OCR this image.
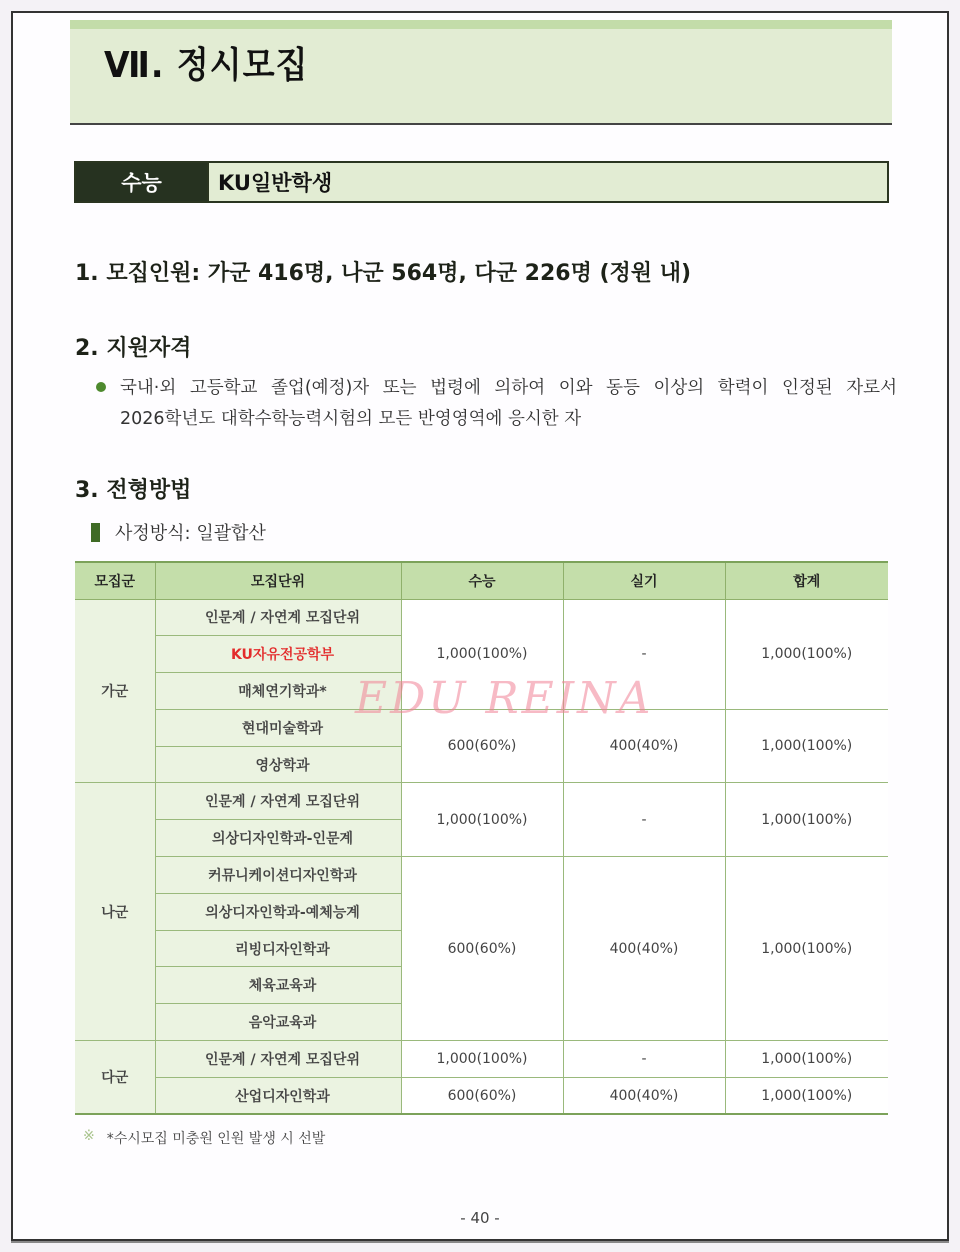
Ⅶ. 정시모집
수능	KU일반학생
1. 모집인원: 가군 416명, 나군 564명, 다군 226명 (정원 내)
2. 지원자격
국내·외 고등학교 졸업(예정)자 또는 법령에 의하여 이와 동등 이상의 학력이 인정된 자로서
2026학년도 대학수학능력시험의 모든 반영영역에 응시한 자
3. 전형방법
사정방식: 일괄합산
모집군	모집단위	수능	실기	합계
가군	인문계 / 자연계 모집단위	1,000(100%)	-	1,000(100%)
	KU자유전공학부			
	매체연기학과*			
	현대미술학과	600(60%)	400(40%)	1,000(100%)
	영상학과			
나군	인문계 / 자연계 모집단위	1,000(100%)	-	1,000(100%)
	의상디자인학과-인문계			
	커뮤니케이션디자인학과	600(60%)	400(40%)	1,000(100%)
	의상디자인학과-예체능계			
	리빙디자인학과			
	체육교육과			
	음악교육과			
다군	인문계 / 자연계 모집단위	1,000(100%)	-	1,000(100%)
	산업디자인학과	600(60%)	400(40%)	1,000(100%)
EDU REINA
※ *수시모집 미충원 인원 발생 시 선발
- 40 -
